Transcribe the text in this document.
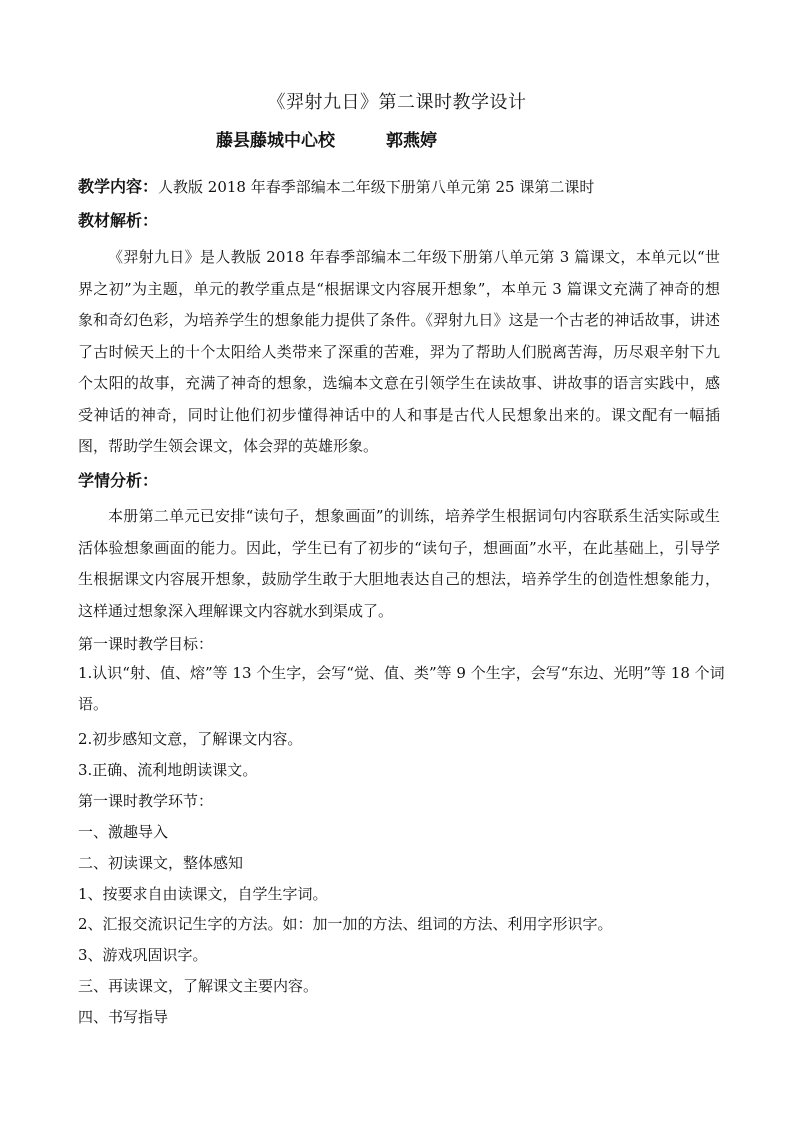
《羿射九日》第二课时教学设计
藤县藤城中心校	郭燕婷
教学内容：人教版 2018 年春季部编本二年级下册第八单元第 25 课第二课时
教材解析：
《羿射九日》是人教版 2018 年春季部编本二年级下册第八单元第 3 篇课文，本单元以“世界之初”为主题，单元的教学重点是“根据课文内容展开想象”，本单元 3 篇课文充满了神奇的想象和奇幻色彩，为培养学生的想象能力提供了条件。《羿射九日》这是一个古老的神话故事，讲述了古时候天上的十个太阳给人类带来了深重的苦难，羿为了帮助人们脱离苦海，历尽艰辛射下九个太阳的故事，充满了神奇的想象，选编本文意在引领学生在读故事、讲故事的语言实践中，感受神话的神奇，同时让他们初步懂得神话中的人和事是古代人民想象出来的。课文配有一幅插图，帮助学生领会课文，体会羿的英雄形象。
学情分析：
本册第二单元已安排“读句子，想象画面”的训练，培养学生根据词句内容联系生活实际或生活体验想象画面的能力。因此，学生已有了初步的“读句子，想画面”水平，在此基础上，引导学生根据课文内容展开想象，鼓励学生敢于大胆地表达自己的想法，培养学生的创造性想象能力，这样通过想象深入理解课文内容就水到渠成了。
第一课时教学目标：
1.认识“射、值、熔”等 13 个生字，会写“觉、值、类”等 9 个生字，会写“东边、光明”等 18 个词语。
2.初步感知文意，了解课文内容。
3.正确、流利地朗读课文。
第一课时教学环节：
一、激趣导入
二、初读课文，整体感知
1、按要求自由读课文，自学生字词。
2、汇报交流识记生字的方法。如：加一加的方法、组词的方法、利用字形识字。
3、游戏巩固识字。
三、再读课文，了解课文主要内容。
四、书写指导
